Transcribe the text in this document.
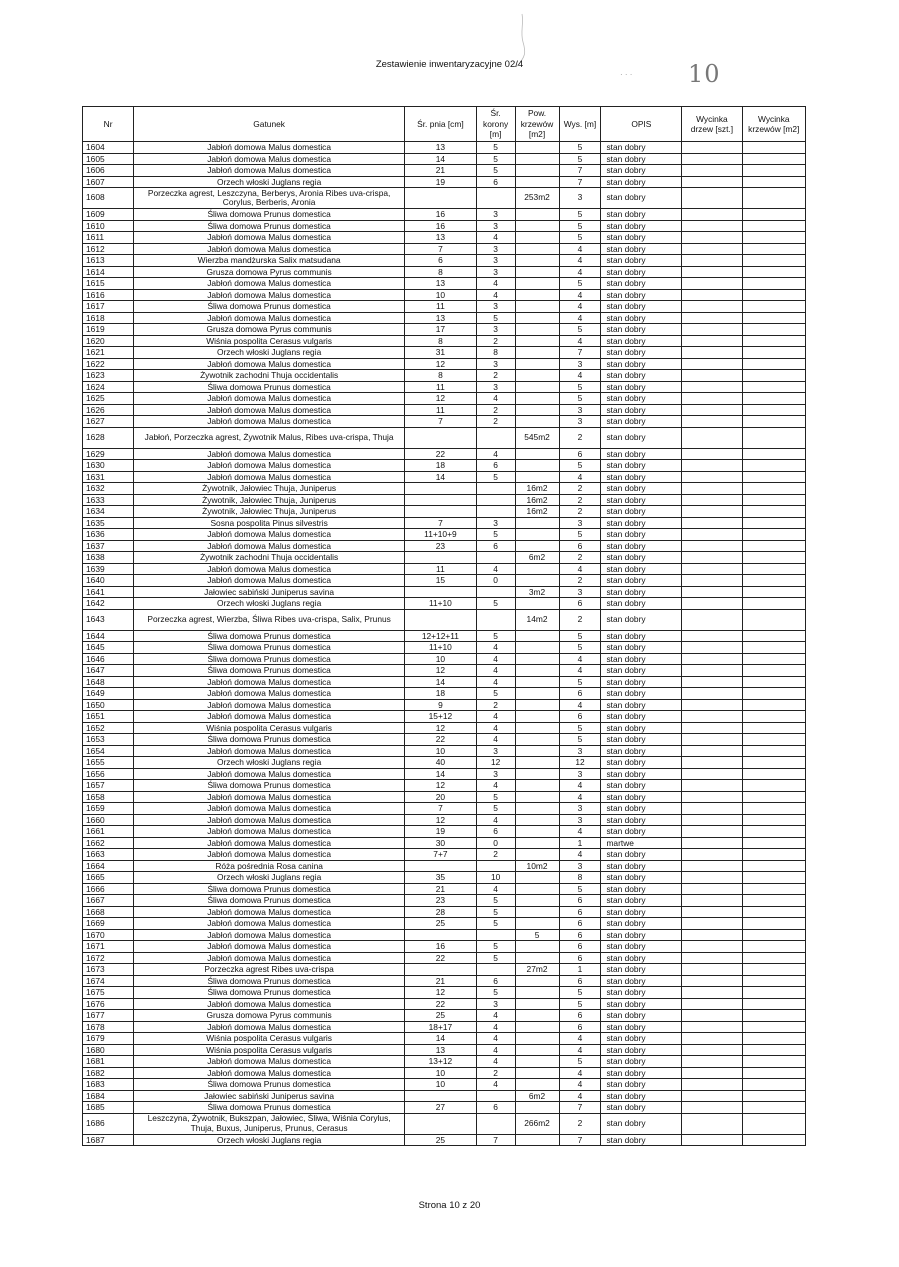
Zestawienie inwentaryzacyjne 02/4
· · · 10
Nr	Gatunek	Śr. pnia [cm]	Śr. korony [m]	Pow. krzewów [m2]	Wys. [m]	OPIS	Wycinka drzew [szt.]	Wycinka krzewów [m2]
1604	Jabłoń domowa Malus domestica	13	5		5	stan dobry		
1605	Jabłoń domowa Malus domestica	14	5		5	stan dobry		
1606	Jabłoń domowa Malus domestica	21	5		7	stan dobry		
1607	Orzech włoski Juglans regia	19	6		7	stan dobry		
1608	Porzeczka agrest, Leszczyna, Berberys, Aronia Ribes uva-crispa, Corylus, Berberis, Aronia			253m2	3	stan dobry		
1609	Śliwa domowa Prunus domestica	16	3		5	stan dobry		
1610	Śliwa domowa Prunus domestica	16	3		5	stan dobry		
1611	Jabłoń domowa Malus domestica	13	4		5	stan dobry		
1612	Jabłoń domowa Malus domestica	7	3		4	stan dobry		
1613	Wierzba mandżurska Salix matsudana	6	3		4	stan dobry		
1614	Grusza domowa Pyrus communis	8	3		4	stan dobry		
1615	Jabłoń domowa Malus domestica	13	4		5	stan dobry		
1616	Jabłoń domowa Malus domestica	10	4		4	stan dobry		
1617	Śliwa domowa Prunus domestica	11	3		4	stan dobry		
1618	Jabłoń domowa Malus domestica	13	5		4	stan dobry		
1619	Grusza domowa Pyrus communis	17	3		5	stan dobry		
1620	Wiśnia pospolita Cerasus vulgaris	8	2		4	stan dobry		
1621	Orzech włoski Juglans regia	31	8		7	stan dobry		
1622	Jabłoń domowa Malus domestica	12	3		3	stan dobry		
1623	Żywotnik zachodni Thuja occidentalis	8	2		4	stan dobry		
1624	Śliwa domowa Prunus domestica	11	3		5	stan dobry		
1625	Jabłoń domowa Malus domestica	12	4		5	stan dobry		
1626	Jabłoń domowa Malus domestica	11	2		3	stan dobry		
1627	Jabłoń domowa Malus domestica	7	2		3	stan dobry		
1628	Jabłoń, Porzeczka agrest, Żywotnik Malus, Ribes uva-crispa, Thuja			545m2	2	stan dobry		
1629	Jabłoń domowa Malus domestica	22	4		6	stan dobry		
1630	Jabłoń domowa Malus domestica	18	6		5	stan dobry		
1631	Jabłoń domowa Malus domestica	14	5		4	stan dobry		
1632	Żywotnik, Jałowiec Thuja, Juniperus			16m2	2	stan dobry		
1633	Żywotnik, Jałowiec Thuja, Juniperus			16m2	2	stan dobry		
1634	Żywotnik, Jałowiec Thuja, Juniperus			16m2	2	stan dobry		
1635	Sosna pospolita Pinus silvestris	7	3		3	stan dobry		
1636	Jabłoń domowa Malus domestica	11+10+9	5		5	stan dobry		
1637	Jabłoń domowa Malus domestica	23	6		6	stan dobry		
1638	Żywotnik zachodni Thuja occidentalis			6m2	2	stan dobry		
1639	Jabłoń domowa Malus domestica	11	4		4	stan dobry		
1640	Jabłoń domowa Malus domestica	15	0		2	stan dobry		
1641	Jałowiec sabiński Juniperus savina			3m2	3	stan dobry		
1642	Orzech włoski Juglans regia	11+10	5		6	stan dobry		
1643	Porzeczka agrest, Wierzba, Śliwa Ribes uva-crispa, Salix, Prunus			14m2	2	stan dobry		
1644	Śliwa domowa Prunus domestica	12+12+11	5		5	stan dobry		
1645	Śliwa domowa Prunus domestica	11+10	4		5	stan dobry		
1646	Śliwa domowa Prunus domestica	10	4		4	stan dobry		
1647	Śliwa domowa Prunus domestica	12	4		4	stan dobry		
1648	Jabłoń domowa Malus domestica	14	4		5	stan dobry		
1649	Jabłoń domowa Malus domestica	18	5		6	stan dobry		
1650	Jabłoń domowa Malus domestica	9	2		4	stan dobry		
1651	Jabłoń domowa Malus domestica	15+12	4		6	stan dobry		
1652	Wiśnia pospolita Cerasus vulgaris	12	4		5	stan dobry		
1653	Śliwa domowa Prunus domestica	22	4		5	stan dobry		
1654	Jabłoń domowa Malus domestica	10	3		3	stan dobry		
1655	Orzech włoski Juglans regia	40	12		12	stan dobry		
1656	Jabłoń domowa Malus domestica	14	3		3	stan dobry		
1657	Śliwa domowa Prunus domestica	12	4		4	stan dobry		
1658	Jabłoń domowa Malus domestica	20	5		4	stan dobry		
1659	Jabłoń domowa Malus domestica	7	5		3	stan dobry		
1660	Jabłoń domowa Malus domestica	12	4		3	stan dobry		
1661	Jabłoń domowa Malus domestica	19	6		4	stan dobry		
1662	Jabłoń domowa Malus domestica	30	0		1	martwe		
1663	Jabłoń domowa Malus domestica	7+7	2		4	stan dobry		
1664	Róża pośrednia Rosa canina			10m2	3	stan dobry		
1665	Orzech włoski Juglans regia	35	10		8	stan dobry		
1666	Śliwa domowa Prunus domestica	21	4		5	stan dobry		
1667	Śliwa domowa Prunus domestica	23	5		6	stan dobry		
1668	Jabłoń domowa Malus domestica	28	5		6	stan dobry		
1669	Jabłoń domowa Malus domestica	25	5		6	stan dobry		
1670	Jabłoń domowa Malus domestica			5	6	stan dobry		
1671	Jabłoń domowa Malus domestica	16	5		6	stan dobry		
1672	Jabłoń domowa Malus domestica	22	5		6	stan dobry		
1673	Porzeczka agrest Ribes uva-crispa			27m2	1	stan dobry		
1674	Śliwa domowa Prunus domestica	21	6		6	stan dobry		
1675	Śliwa domowa Prunus domestica	12	5		5	stan dobry		
1676	Jabłoń domowa Malus domestica	22	3		5	stan dobry		
1677	Grusza domowa Pyrus communis	25	4		6	stan dobry		
1678	Jabłoń domowa Malus domestica	18+17	4		6	stan dobry		
1679	Wiśnia pospolita Cerasus vulgaris	14	4		4	stan dobry		
1680	Wiśnia pospolita Cerasus vulgaris	13	4		4	stan dobry		
1681	Jabłoń domowa Malus domestica	13+12	4		5	stan dobry		
1682	Jabłoń domowa Malus domestica	10	2		4	stan dobry		
1683	Śliwa domowa Prunus domestica	10	4		4	stan dobry		
1684	Jałowiec sabiński Juniperus savina			6m2	4	stan dobry		
1685	Śliwa domowa Prunus domestica	27	6		7	stan dobry		
1686	Leszczyna, Żywotnik, Bukszpan, Jałowiec, Śliwa, Wiśnia Corylus, Thuja, Buxus, Juniperus, Prunus, Cerasus			266m2	2	stan dobry		
1687	Orzech włoski Juglans regia	25	7		7	stan dobry		
Strona 10 z 20
